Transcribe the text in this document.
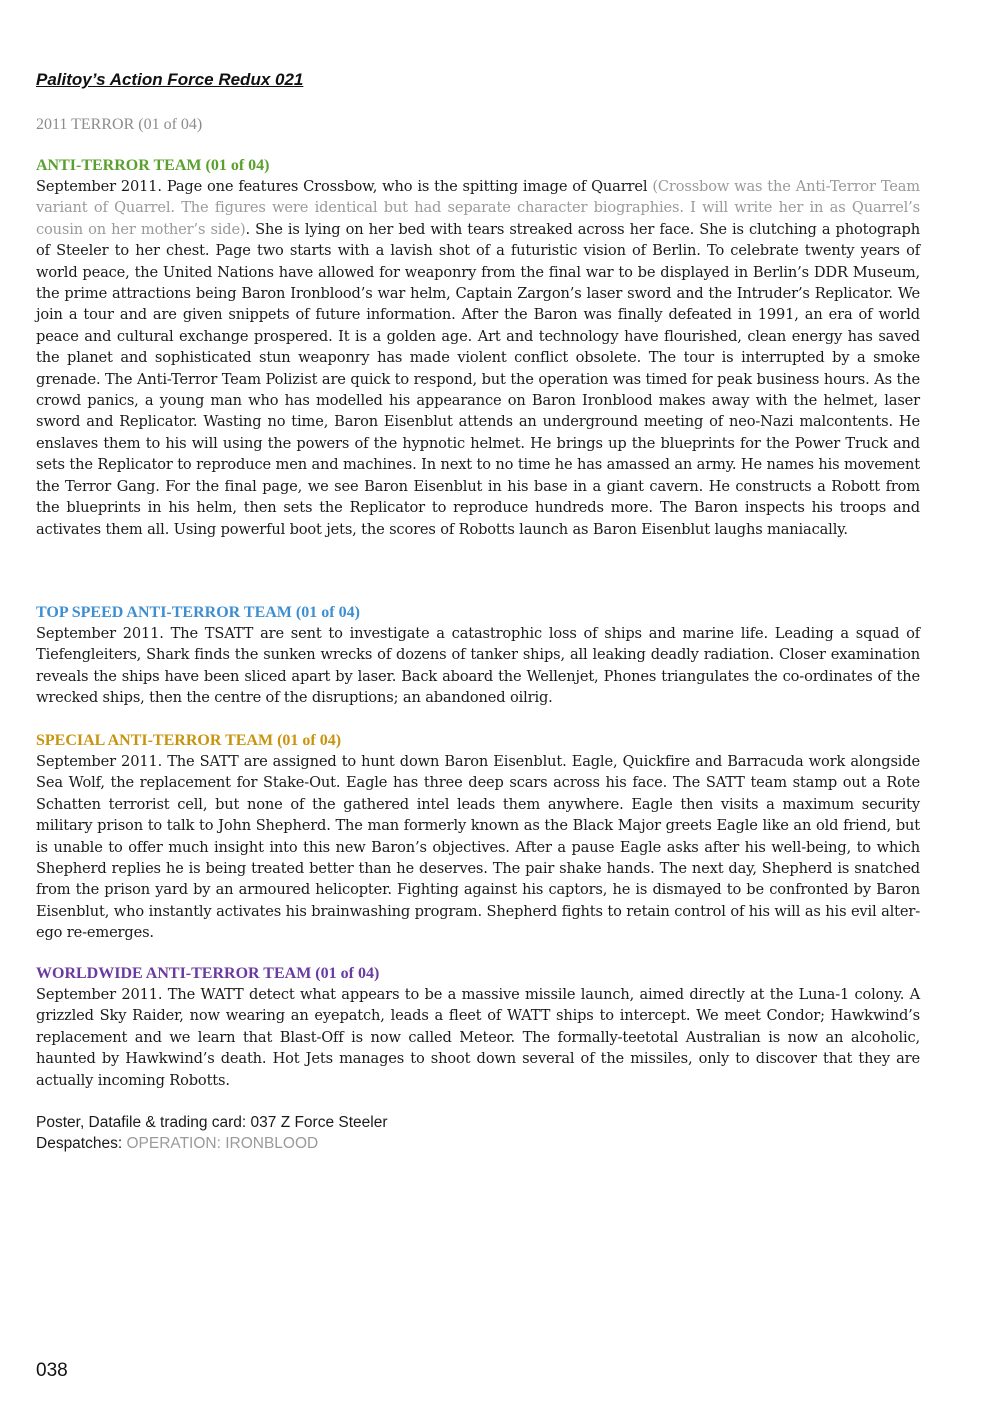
Palitoy’s Action Force Redux 021
2011 TERROR (01 of 04)
ANTI-TERROR TEAM (01 of 04)

September 2011. Page one features Crossbow, who is the spitting image of Quarrel (Crossbow was the Anti-Terror Team variant of Quarrel. The figures were identical but had separate character biographies. I will write her in as Quarrel’s cousin on her mother’s side). She is lying on her bed with tears streaked across her face. She is clutching a photograph of Steeler to her chest. Page two starts with a lavish shot of a futuristic vision of Berlin. To celebrate twenty years of world peace, the United Nations have allowed for weaponry from the final war to be displayed in Berlin’s DDR Museum, the prime attractions being Baron Ironblood’s war helm, Captain Zargon’s laser sword and the Intruder’s Replicator. We join a tour and are given snippets of future information. After the Baron was finally defeated in 1991, an era of world peace and cultural exchange prospered. It is a golden age. Art and technology have flourished, clean energy has saved the planet and sophisticated stun weaponry has made violent conflict obsolete. The tour is interrupted by a smoke grenade. The Anti-Terror Team Polizist are quick to respond, but the operation was timed for peak business hours. As the crowd panics, a young man who has modelled his appearance on Baron Ironblood makes away with the helmet, laser sword and Replicator. Wasting no time, Baron Eisenblut attends an underground meeting of neo-Nazi malcontents. He enslaves them to his will using the powers of the hypnotic helmet. He brings up the blueprints for the Power Truck and sets the Replicator to reproduce men and machines. In next to no time he has amassed an army. He names his movement the Terror Gang. For the final page, we see Baron Eisenblut in his base in a giant cavern. He constructs a Robott from the blueprints in his helm, then sets the Replicator to reproduce hundreds more. The Baron inspects his troops and activates them all. Using powerful boot jets, the scores of Robotts launch as Baron Eisenblut laughs maniacally.

TOP SPEED ANTI-TERROR TEAM (01 of 04)

September 2011. The TSATT are sent to investigate a catastrophic loss of ships and marine life. Leading a squad of Tiefengleiters, Shark finds the sunken wrecks of dozens of tanker ships, all leaking deadly radiation. Closer examination reveals the ships have been sliced apart by laser. Back aboard the Wellenjet, Phones triangulates the co-ordinates of the wrecked ships, then the centre of the disruptions; an abandoned oilrig.

SPECIAL ANTI-TERROR TEAM (01 of 04)

September 2011. The SATT are assigned to hunt down Baron Eisenblut. Eagle, Quickfire and Barracuda work alongside Sea Wolf, the replacement for Stake-Out. Eagle has three deep scars across his face. The SATT team stamp out a Rote Schatten terrorist cell, but none of the gathered intel leads them anywhere. Eagle then visits a maximum security military prison to talk to John Shepherd. The man formerly known as the Black Major greets Eagle like an old friend, but is unable to offer much insight into this new Baron’s objectives. After a pause Eagle asks after his well-being, to which Shepherd replies he is being treated better than he deserves. The pair shake hands. The next day, Shepherd is snatched from the prison yard by an armoured helicopter. Fighting against his captors, he is dismayed to be confronted by Baron Eisenblut, who instantly activates his brainwashing program. Shepherd fights to retain control of his will as his evil alter-ego re-emerges.

WORLDWIDE ANTI-TERROR TEAM (01 of 04)

September 2011. The WATT detect what appears to be a massive missile launch, aimed directly at the Luna-1 colony. A grizzled Sky Raider, now wearing an eyepatch, leads a fleet of WATT ships to intercept. We meet Condor; Hawkwind’s replacement and we learn that Blast-Off is now called Meteor. The formally-teetotal Australian is now an alcoholic, haunted by Hawkwind’s death. Hot Jets manages to shoot down several of the missiles, only to discover that they are actually incoming Robotts.

Poster, Datafile & trading card: 037 Z Force Steeler
Despatches: OPERATION: IRONBLOOD
038
